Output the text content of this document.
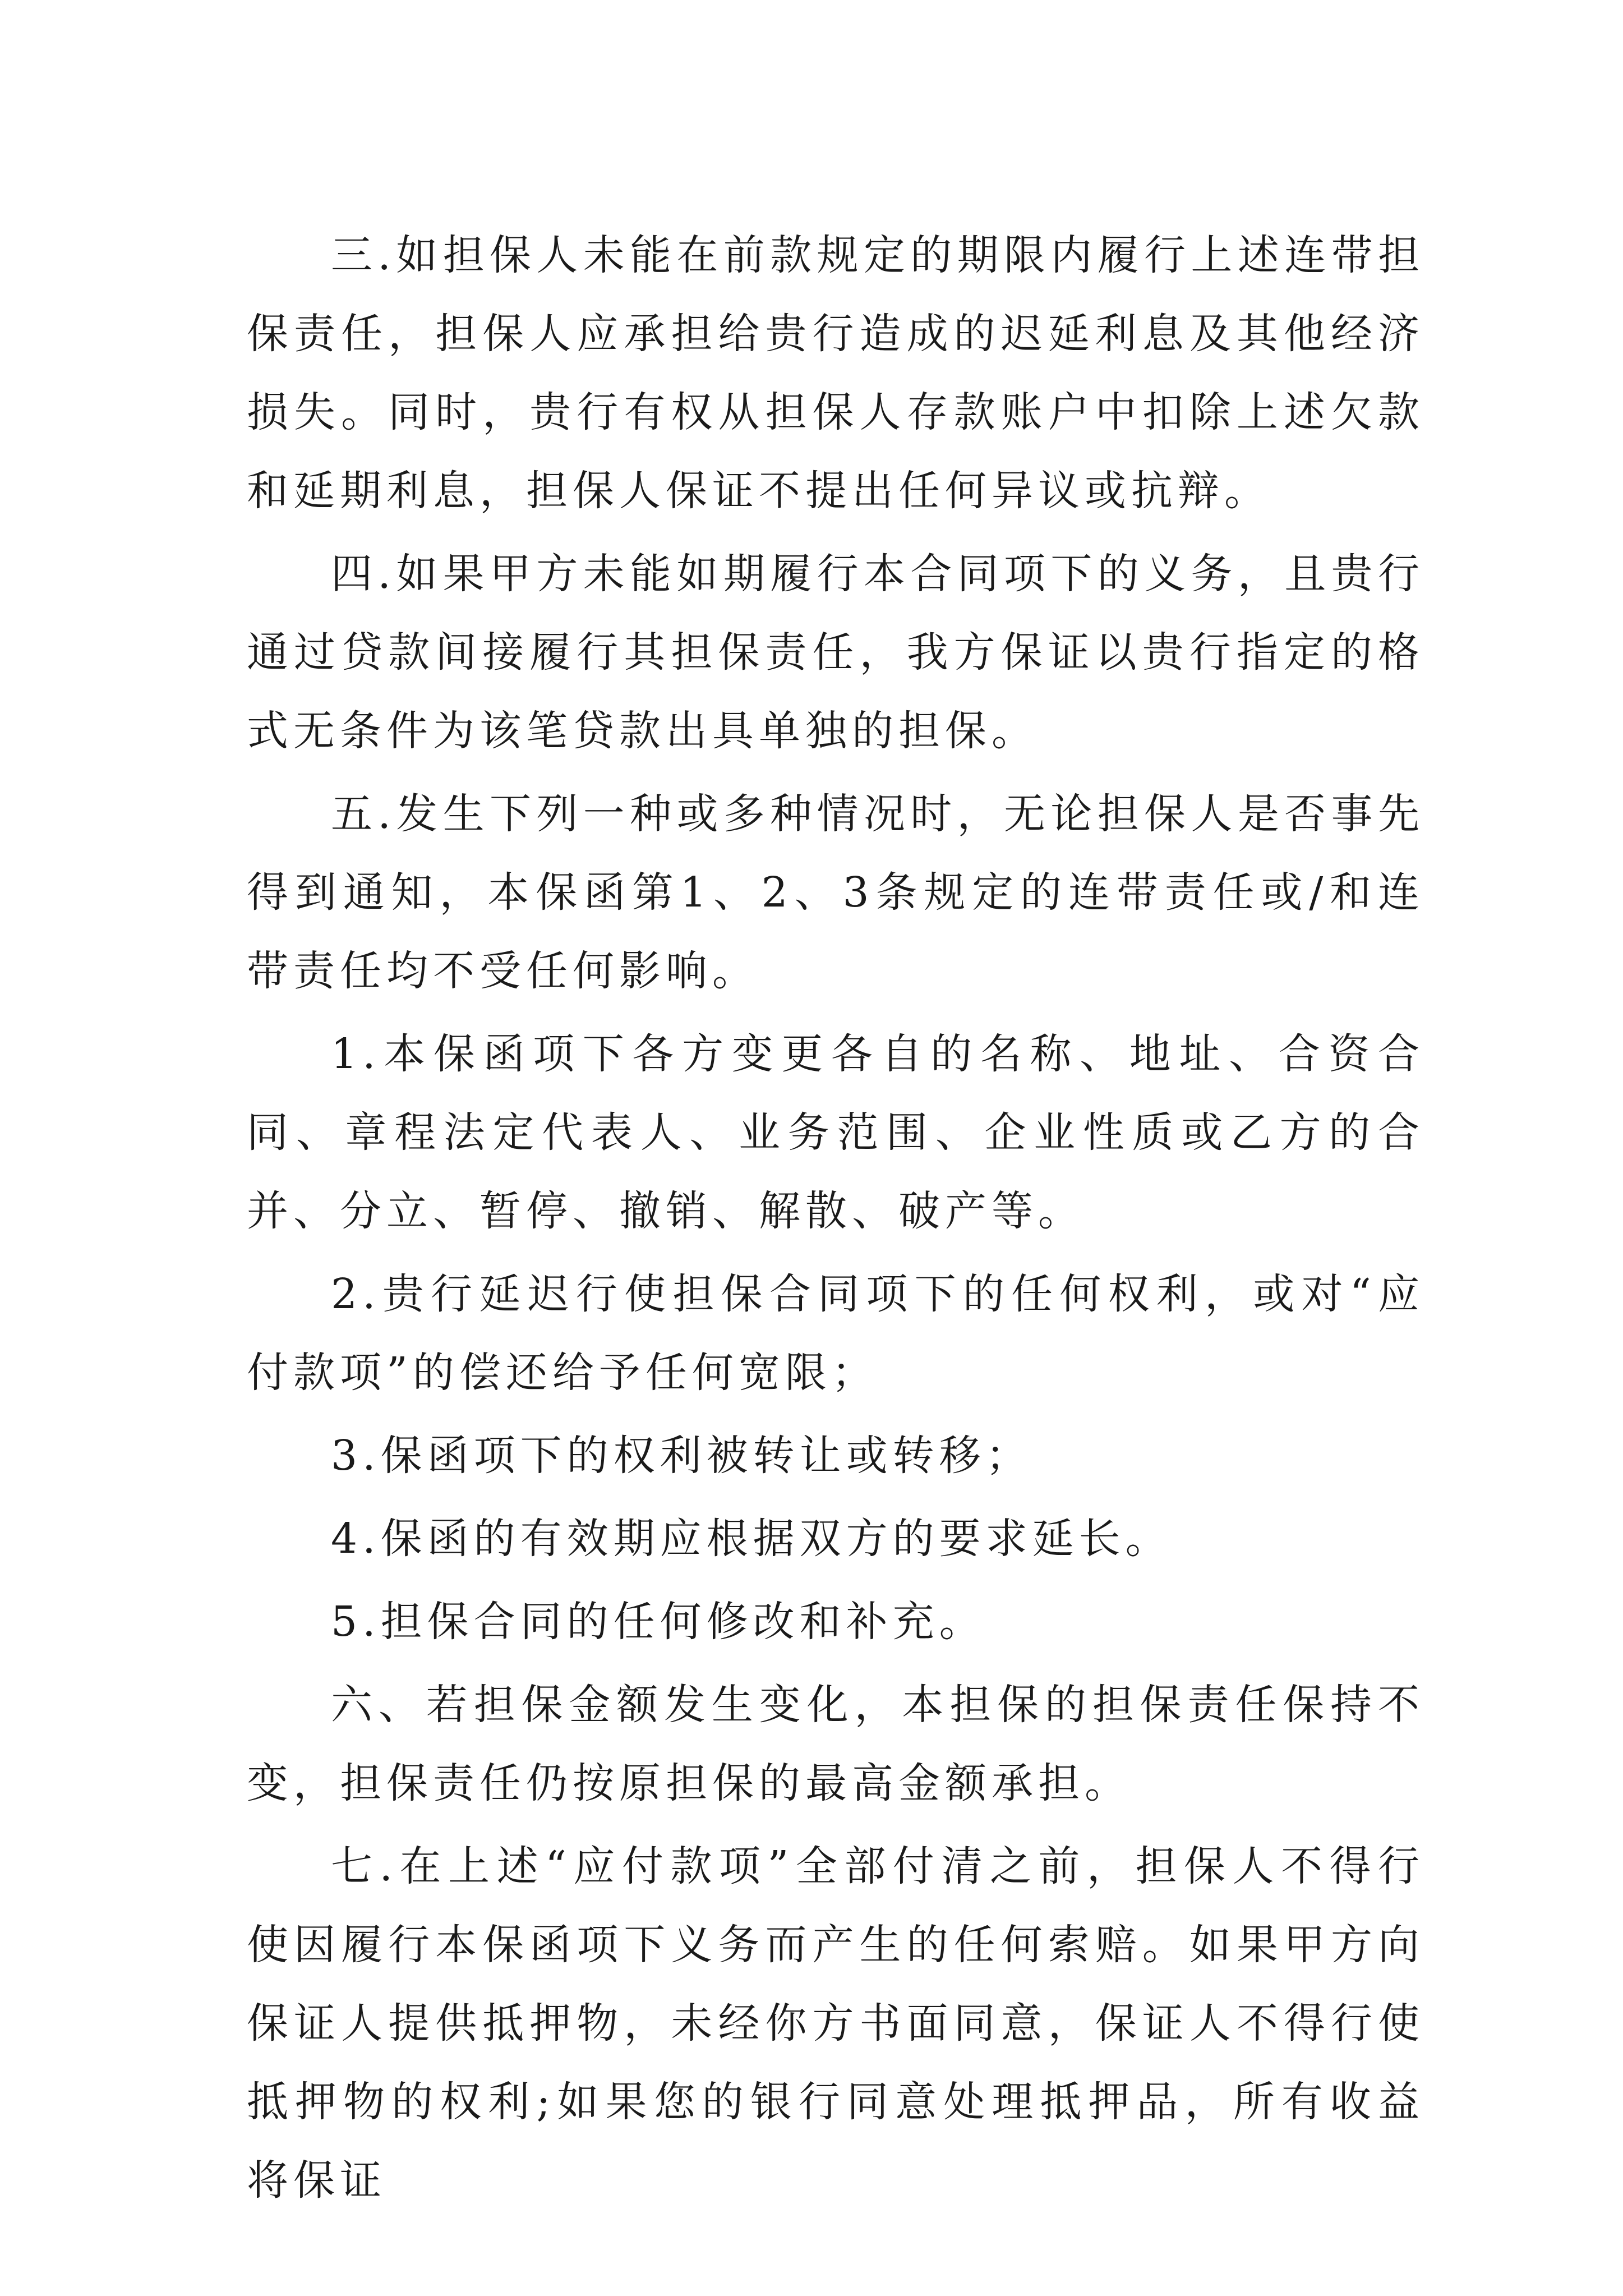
三.如担保人未能在前款规定的期限内履行上述连带担保责任，担保人应承担给贵行造成的迟延利息及其他经济损失。同时，贵行有权从担保人存款账户中扣除上述欠款和延期利息，担保人保证不提出任何异议或抗辩。

四.如果甲方未能如期履行本合同项下的义务，且贵行通过贷款间接履行其担保责任，我方保证以贵行指定的格式无条件为该笔贷款出具单独的担保。

五.发生下列一种或多种情况时，无论担保人是否事先得到通知，本保函第1、2、3条规定的连带责任或/和连带责任均不受任何影响。

1.本保函项下各方变更各自的名称、地址、合资合同、章程法定代表人、业务范围、企业性质或乙方的合并、分立、暂停、撤销、解散、破产等。

2.贵行延迟行使担保合同项下的任何权利，或对“应付款项”的偿还给予任何宽限；

3.保函项下的权利被转让或转移；

4.保函的有效期应根据双方的要求延长。

5.担保合同的任何修改和补充。

六、若担保金额发生变化，本担保的担保责任保持不变，担保责任仍按原担保的最高金额承担。

七.在上述“应付款项”全部付清之前，担保人不得行使因履行本保函项下义务而产生的任何索赔。如果甲方向保证人提供抵押物，未经你方书面同意，保证人不得行使抵押物的权利;如果您的银行同意处理抵押品，所有收益将保证
